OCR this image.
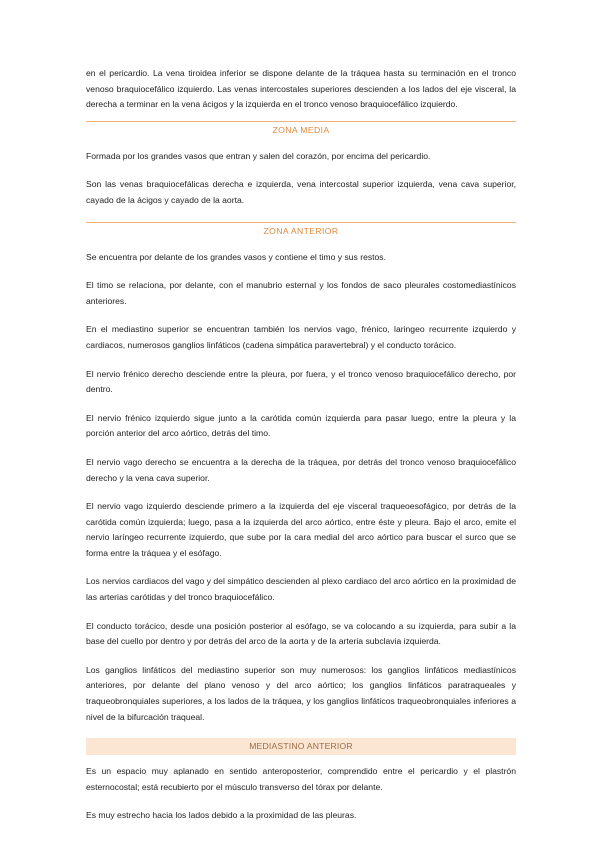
en el pericardio. La vena tiroidea inferior se dispone delante de la tráquea hasta su terminación en el tronco venoso braquiocefálico izquierdo. Las venas intercostales superiores descienden a los lados del eje visceral, la derecha a terminar en la vena ácigos y la izquierda en el tronco venoso braquiocefálico izquierdo.

ZONA MEDIA

Formada por los grandes vasos que entran y salen del corazón, por encima del pericardio.

Son las venas braquiocefálicas derecha e izquierda, vena intercostal superior izquierda, vena cava superior, cayado de la ácigos y cayado de la aorta.

ZONA ANTERIOR

Se encuentra por delante de los grandes vasos y contiene el timo y sus restos.

El timo se relaciona, por delante, con el manubrio esternal y los fondos de saco pleurales costomediastínicos anteriores.

En el mediastino superior se encuentran también los nervios vago, frénico, laringeo recurrente izquierdo y cardiacos, numerosos ganglios linfáticos (cadena simpática paravertebral) y el conducto torácico.

El nervio frénico derecho desciende entre la pleura, por fuera, y el tronco venoso braquiocefálico derecho, por dentro.

El nervio frénico izquierdo sigue junto a la carótida común izquierda para pasar luego, entre la pleura y la porción anterior del arco aórtico, detrás del timo.

El nervio vago derecho se encuentra a la derecha de la tráquea, por detrás del tronco venoso braquiocefálico derecho y la vena cava superior.

El nervio vago izquierdo desciende primero a la izquierda del eje visceral traqueoesofágico, por detrás de la carótida común izquierda; luego, pasa a la izquierda del arco aórtico, entre éste y pleura. Bajo el arco, emite el nervio laríngeo recurrente izquierdo, que sube por la cara medial del arco aórtico para buscar el surco que se forma entre la tráquea y el esófago.

Los nervios cardiacos del vago y del simpático descienden al plexo cardiaco del arco aórtico en la proximidad de las arterias carótidas y del tronco braquiocefálico.

El conducto torácico, desde una posición posterior al esófago, se va colocando a su izquierda, para subir a la base del cuello por dentro y por detrás del arco de la aorta y de la arteria subclavia izquierda.

Los ganglios linfáticos del mediastino superior son muy numerosos: los ganglios linfáticos mediastínicos anteriores, por delante del plano venoso y del arco aórtico; los ganglios linfáticos paratraqueales y traqueobronquiales superiores, a los lados de la tráquea, y los ganglios linfáticos traqueobronquiales inferiores a nivel de la bifurcación traqueal.

MEDIASTINO ANTERIOR

Es un espacio muy aplanado en sentido anteroposterior, comprendido entre el pericardio y el plastrón esternocostal; está recubierto por el músculo transverso del tórax por delante.

Es muy estrecho hacia los lados debido a la proximidad de las pleuras.
